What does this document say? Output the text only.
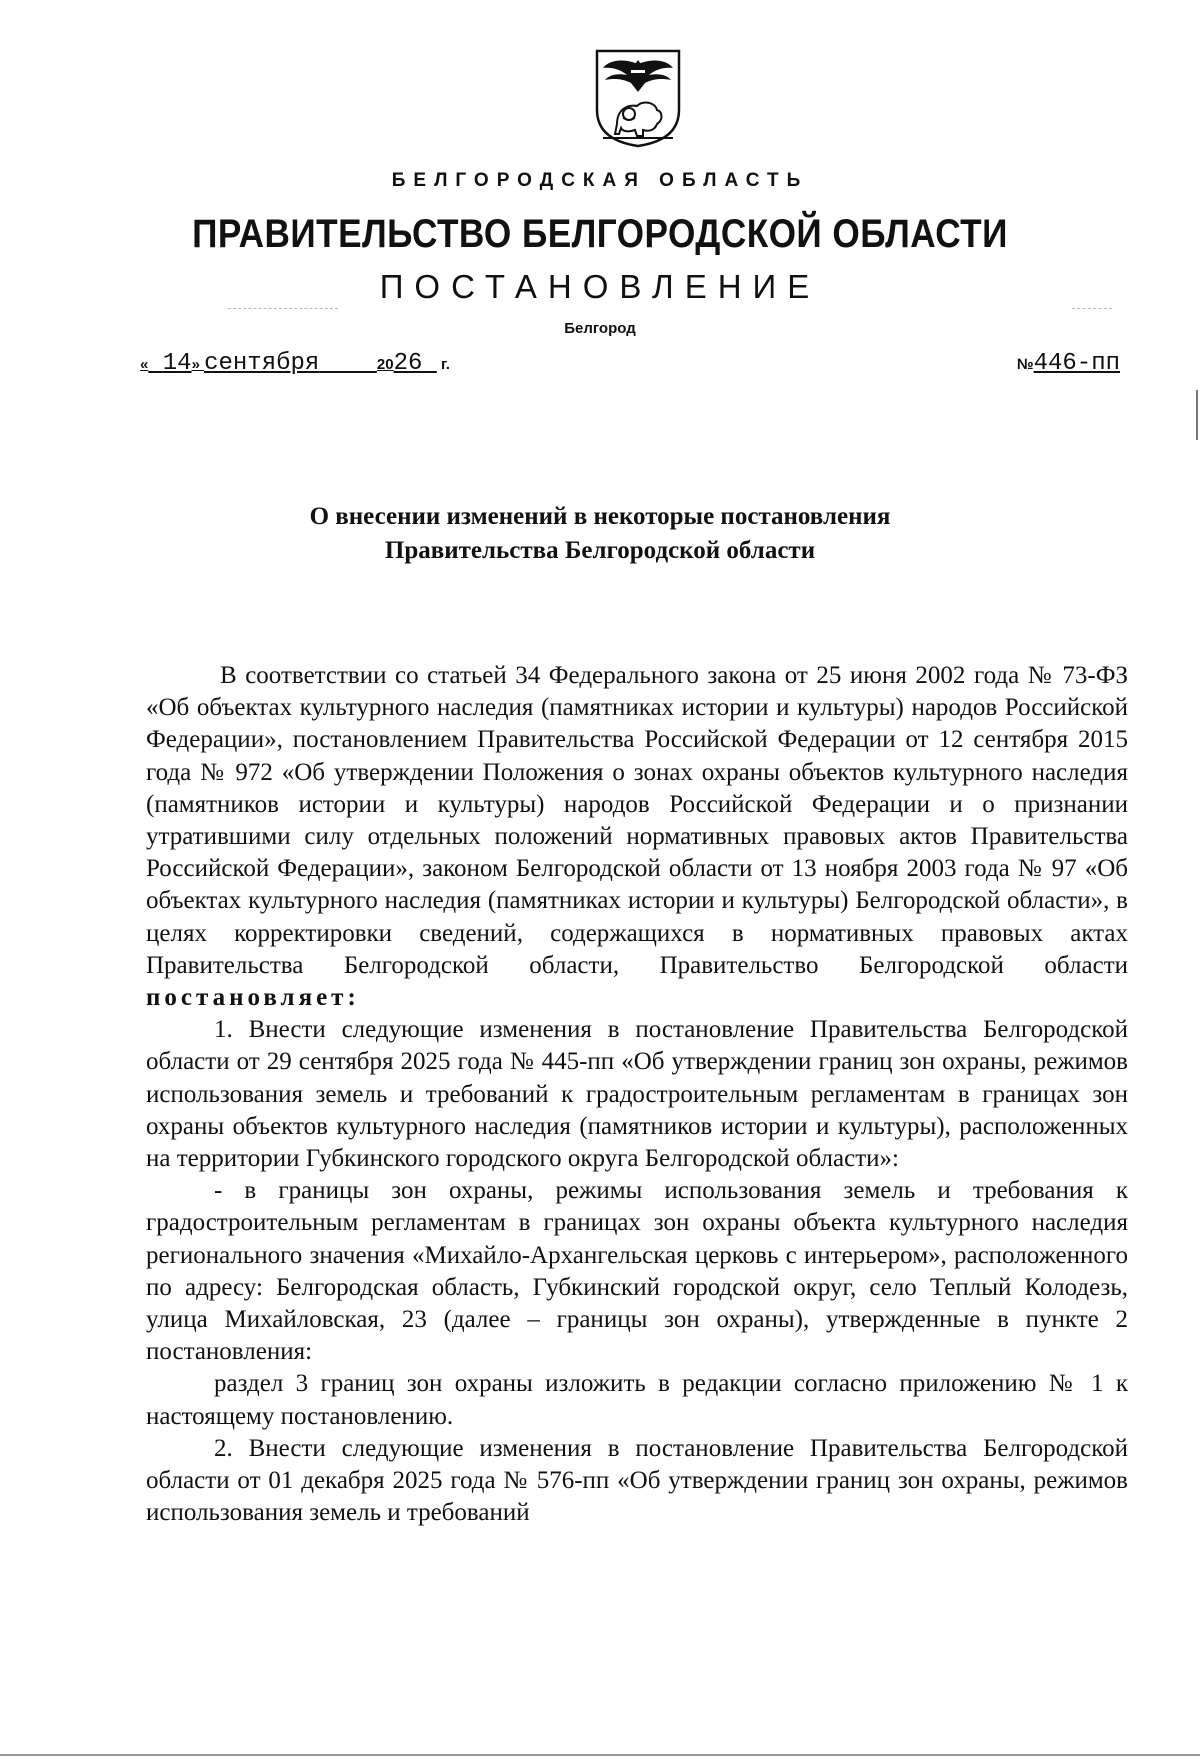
БЕЛГОРОДСКАЯ ОБЛАСТЬ
ПРАВИТЕЛЬСТВО БЕЛГОРОДСКОЙ ОБЛАСТИ
ПОСТАНОВЛЕНИЕ
Белгород
« 14» сентября	2026 г.	№446-пп
О внесении изменений в некоторые постановления
Правительства Белгородской области

В соответствии со статьей 34 Федерального закона от 25 июня 2002 года № 73-ФЗ «Об объектах культурного наследия (памятниках истории и культуры) народов Российской Федерации», постановлением Правительства Российской Федерации от 12 сентября 2015 года № 972 «Об утверждении Положения о зонах охраны объектов культурного наследия (памятников истории и культуры) народов Российской Федерации и о признании утратившими силу отдельных положений нормативных правовых актов Правительства Российской Федерации», законом Белгородской области от 13 ноября 2003 года № 97 «Об объектах культурного наследия (памятниках истории и культуры) Белгородской области», в целях корректировки сведений, содержащихся в нормативных правовых актах Правительства Белгородской области, Правительство Белгородской области постановляет:

1. Внести следующие изменения в постановление Правительства Белгородской области от 29 сентября 2025 года № 445-пп «Об утверждении границ зон охраны, режимов использования земель и требований к градостроительным регламентам в границах зон охраны объектов культурного наследия (памятников истории и культуры), расположенных на территории Губкинского городского округа Белгородской области»:

- в границы зон охраны, режимы использования земель и требования к градостроительным регламентам в границах зон охраны объекта культурного наследия регионального значения «Михайло-Архангельская церковь с интерьером», расположенного по адресу: Белгородская область, Губкинский городской округ, село Теплый Колодезь, улица Михайловская, 23 (далее – границы зон охраны), утвержденные в пункте 2 постановления:

раздел 3 границ зон охраны изложить в редакции согласно приложению № 1 к настоящему постановлению.

2. Внести следующие изменения в постановление Правительства Белгородской области от 01 декабря 2025 года № 576-пп «Об утверждении границ зон охраны, режимов использования земель и требований
